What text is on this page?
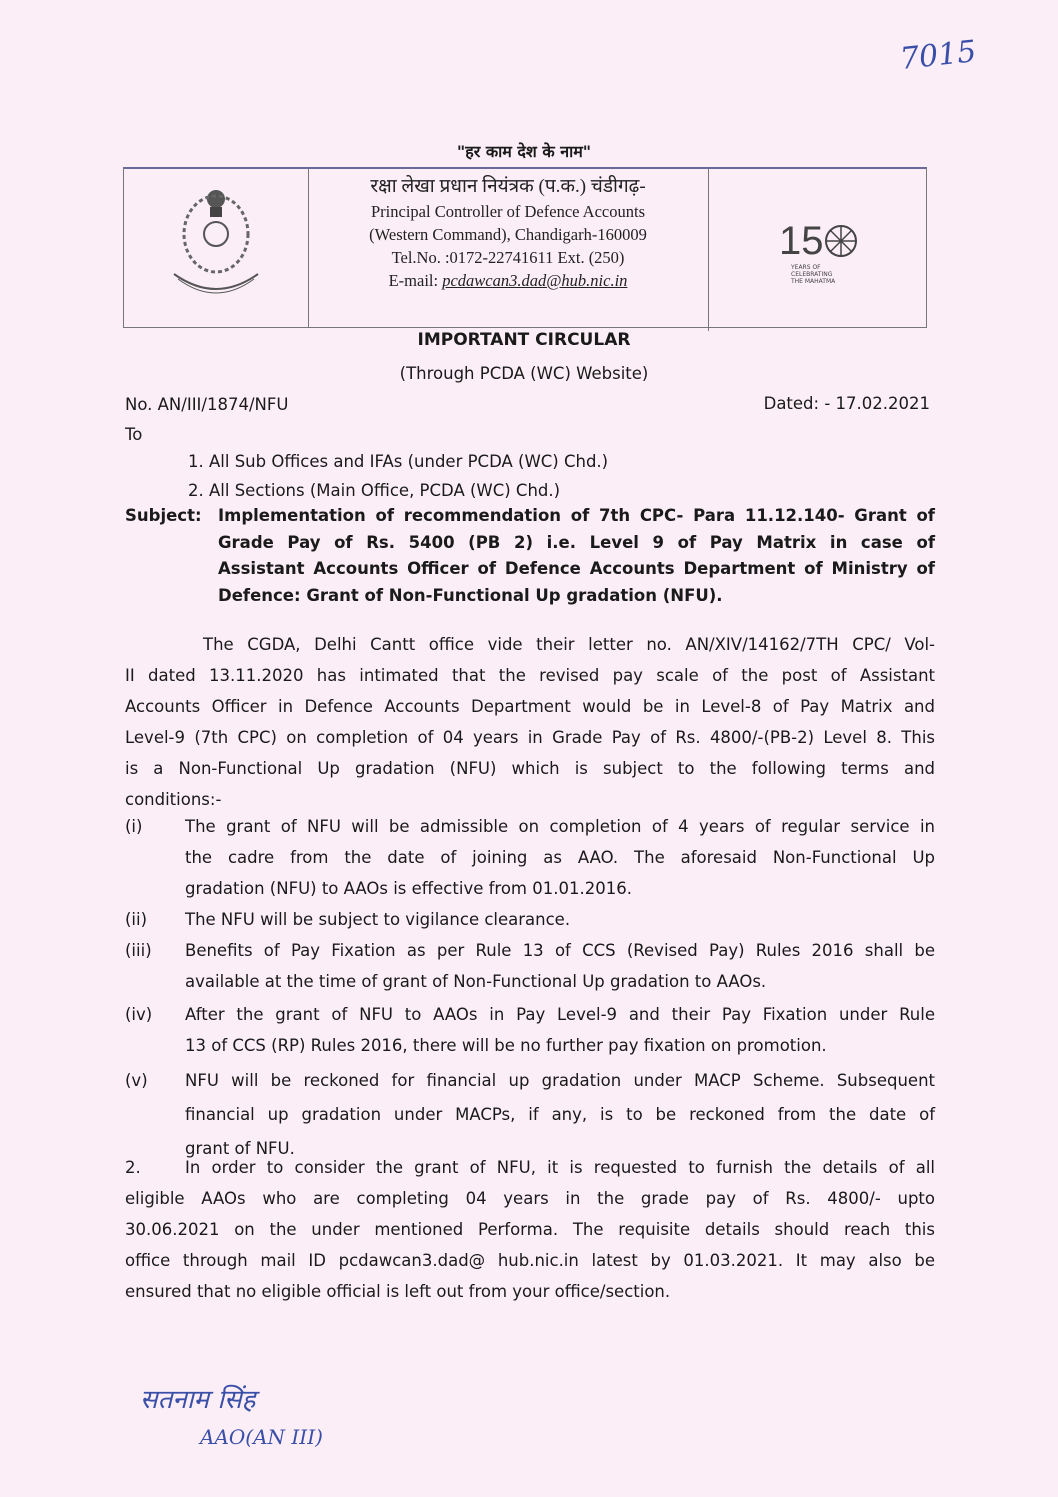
7015
"हर काम देश के नाम"
रक्षा लेखा प्रधान नियंत्रक (प.क.) चंडीगढ़-
Principal Controller of Defence Accounts
(Western Command), Chandigarh-160009
Tel.No. :0172-22741611 Ext. (250)
E-mail: pcdawcan3.dad@hub.nic.in
15
YEARS OF
CELEBRATING
THE MAHATMA
IMPORTANT CIRCULAR
(Through PCDA (WC) Website)
No. AN/III/1874/NFU	Dated: - 17.02.2021
To
1. All Sub Offices and IFAs (under PCDA (WC) Chd.)
2. All Sections (Main Office, PCDA (WC) Chd.)
Subject: Implementation of recommendation of 7th CPC- Para 11.12.140- Grant of
Grade Pay of Rs. 5400 (PB 2) i.e. Level 9 of Pay Matrix in case of
Assistant Accounts Officer of Defence Accounts Department of Ministry of
Defence: Grant of Non-Functional Up gradation (NFU).
The CGDA, Delhi Cantt office vide their letter no. AN/XIV/14162/7TH CPC/ Vol-
II dated 13.11.2020 has intimated that the revised pay scale of the post of Assistant
Accounts Officer in Defence Accounts Department would be in Level-8 of Pay Matrix and
Level-9 (7th CPC) on completion of 04 years in Grade Pay of Rs. 4800/-(PB-2) Level 8. This
is a Non-Functional Up gradation (NFU) which is subject to the following terms and
conditions:-
(i)	The grant of NFU will be admissible on completion of 4 years of regular service in
the cadre from the date of joining as AAO. The aforesaid Non-Functional Up
gradation (NFU) to AAOs is effective from 01.01.2016.
(ii)	The NFU will be subject to vigilance clearance.
(iii)	Benefits of Pay Fixation as per Rule 13 of CCS (Revised Pay) Rules 2016 shall be
available at the time of grant of Non-Functional Up gradation to AAOs.
(iv)	After the grant of NFU to AAOs in Pay Level-9 and their Pay Fixation under Rule
13 of CCS (RP) Rules 2016, there will be no further pay fixation on promotion.
(v)	NFU will be reckoned for financial up gradation under MACP Scheme. Subsequent
financial up gradation under MACPs, if any, is to be reckoned from the date of
grant of NFU.
2.	In order to consider the grant of NFU, it is requested to furnish the details of all
eligible AAOs who are completing 04 years in the grade pay of Rs. 4800/- upto
30.06.2021 on the under mentioned Performa. The requisite details should reach this
office through mail ID pcdawcan3.dad@ hub.nic.in latest by 01.03.2021. It may also be
ensured that no eligible official is left out from your office/section.
सतनाम सिंह
AAO(AN III)
